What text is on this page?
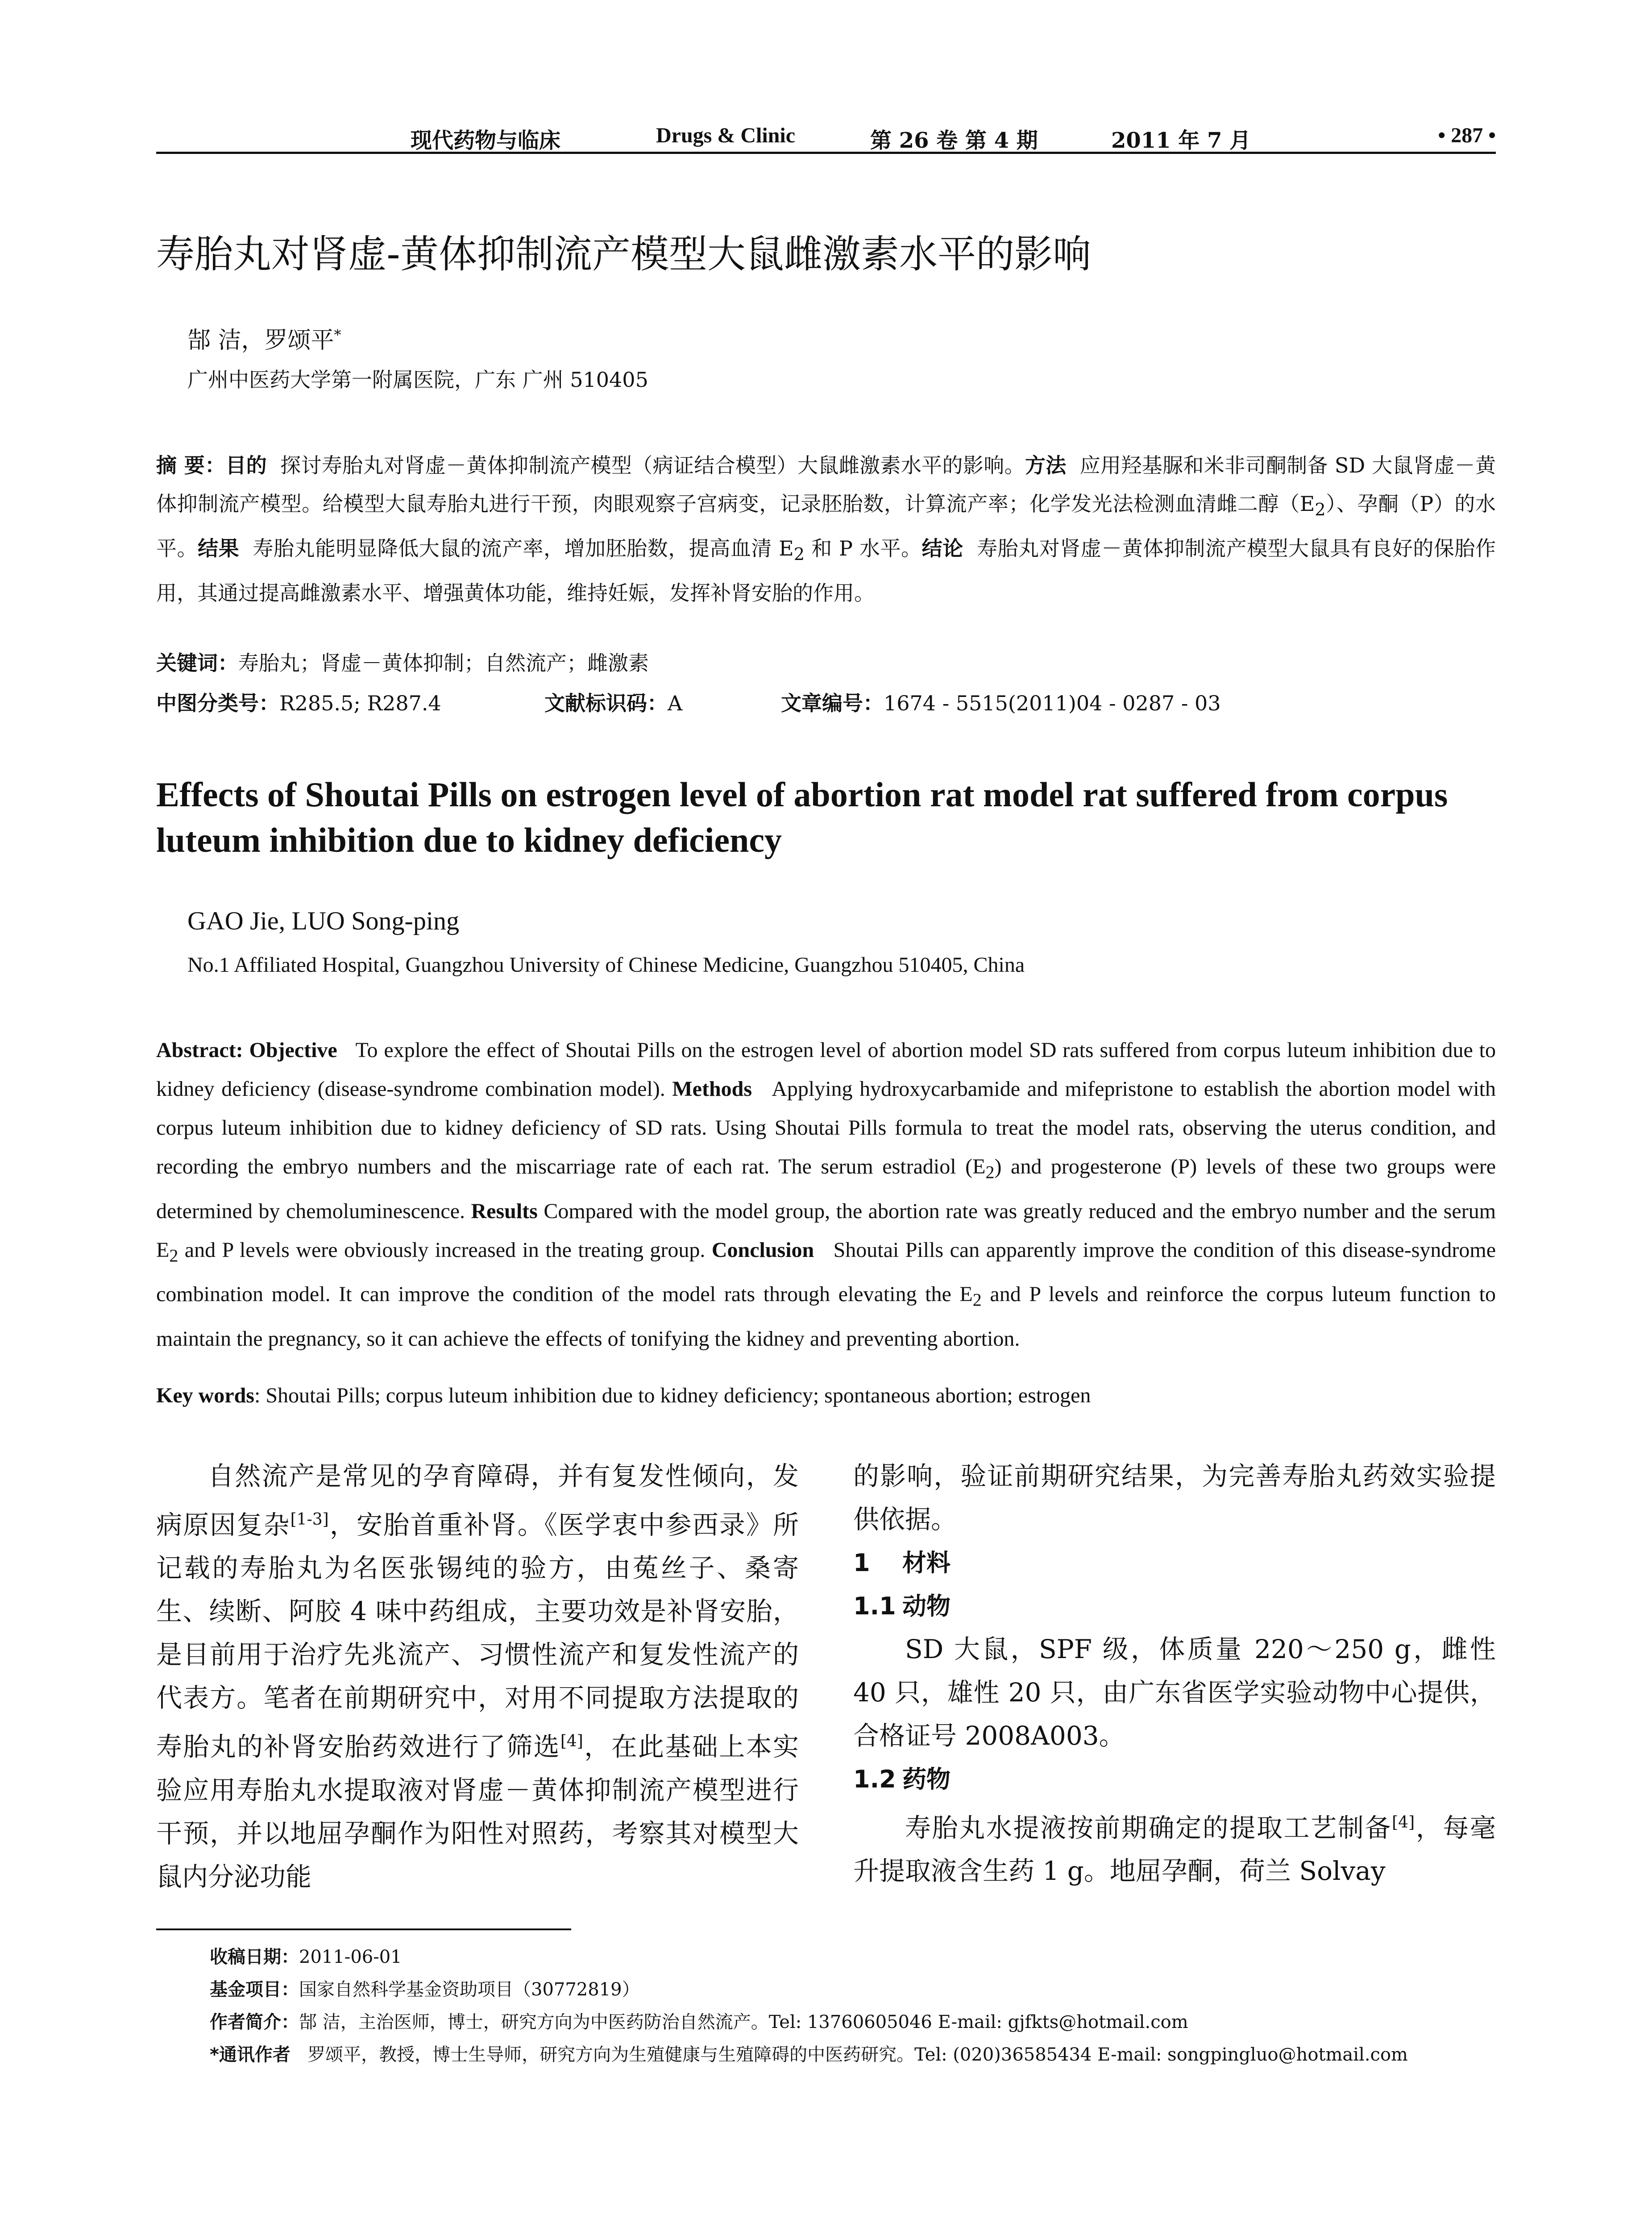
现代药物与临床	Drugs & Clinic	第 26 卷 第 4 期	2011 年 7 月	• 287 •
寿胎丸对肾虚-黄体抑制流产模型大鼠雌激素水平的影响
郜 洁，罗颂平*
广州中医药大学第一附属医院，广东 广州 510405

摘 要：目的 探讨寿胎丸对肾虚－黄体抑制流产模型（病证结合模型）大鼠雌激素水平的影响。方法 应用羟基脲和米非司酮制备 SD 大鼠肾虚－黄体抑制流产模型。给模型大鼠寿胎丸进行干预，肉眼观察子宫病变，记录胚胎数，计算流产率；化学发光法检测血清雌二醇$(E_2)$、孕酮（P）的水平。结果 寿胎丸能明显降低大鼠的流产率，增加胚胎数，提高血清 $E_2$ 和 P 水平。结论 寿胎丸对肾虚－黄体抑制流产模型大鼠具有良好的保胎作用，其通过提高雌激素水平、增强黄体功能，维持妊娠，发挥补肾安胎的作用。

关键词：寿胎丸；肾虚－黄体抑制；自然流产；雌激素
中图分类号：R285.5; R287.4	文献标识码：A	文章编号：1674 - 5515(2011)04 - 0287 - 03
Effects of Shoutai Pills on estrogen level of abortion rat model rat suffered from corpus luteum inhibition due to kidney deficiency
GAO Jie, LUO Song-ping
No.1 Affiliated Hospital, Guangzhou University of Chinese Medicine, Guangzhou 510405, China

Abstract: Objective To explore the effect of Shoutai Pills on the estrogen level of abortion model SD rats suffered from corpus luteum inhibition due to kidney deficiency (disease-syndrome combination model). Methods Applying hydroxycarbamide and mifepristone to establish the abortion model with corpus luteum inhibition due to kidney deficiency of SD rats. Using Shoutai Pills formula to treat the model rats, observing the uterus condition, and recording the embryo numbers and the miscarriage rate of each rat. The serum estradiol $(E_2)$ and progesterone (P) levels of these two groups were determined by chemoluminescence. Results Compared with the model group, the abortion rate was greatly reduced and the embryo number and the serum $E_2$ and P levels were obviously increased in the treating group. Conclusion Shoutai Pills can apparently improve the condition of this disease-syndrome combination model. It can improve the condition of the model rats through elevating the $E_2$ and P levels and reinforce the corpus luteum function to maintain the pregnancy, so it can achieve the effects of tonifying the kidney and preventing abortion.

Key words: Shoutai Pills; corpus luteum inhibition due to kidney deficiency; spontaneous abortion; estrogen

自然流产是常见的孕育障碍，并有复发性倾向，发病原因复杂[1-3]，安胎首重补肾。《医学衷中参西录》所记载的寿胎丸为名医张锡纯的验方，由菟丝子、桑寄生、续断、阿胶 4 味中药组成，主要功效是补肾安胎，是目前用于治疗先兆流产、习惯性流产和复发性流产的代表方。笔者在前期研究中，对用不同提取方法提取的寿胎丸的补肾安胎药效进行了筛选[4]，在此基础上本实验应用寿胎丸水提取液对肾虚－黄体抑制流产模型进行干预，并以地屈孕酮作为阳性对照药，考察其对模型大鼠内分泌功能

的影响，验证前期研究结果，为完善寿胎丸药效实验提供依据。

1 材料

1.1 动物

SD 大鼠，SPF 级，体质量 220～250 g，雌性 40 只，雄性 20 只，由广东省医学实验动物中心提供，合格证号 2008A003。

1.2 药物

寿胎丸水提液按前期确定的提取工艺制备[4]，每毫升提取液含生药 1 g。地屈孕酮，荷兰 Solvay

收稿日期：2011-06-01

基金项目：国家自然科学基金资助项目（30772819）

作者简介：郜 洁，主治医师，博士，研究方向为中医药防治自然流产。Tel: 13760605046 E-mail: gjfkts@hotmail.com

*通讯作者 罗颂平，教授，博士生导师，研究方向为生殖健康与生殖障碍的中医药研究。Tel: (020)36585434 E-mail: songpingluo@hotmail.com
